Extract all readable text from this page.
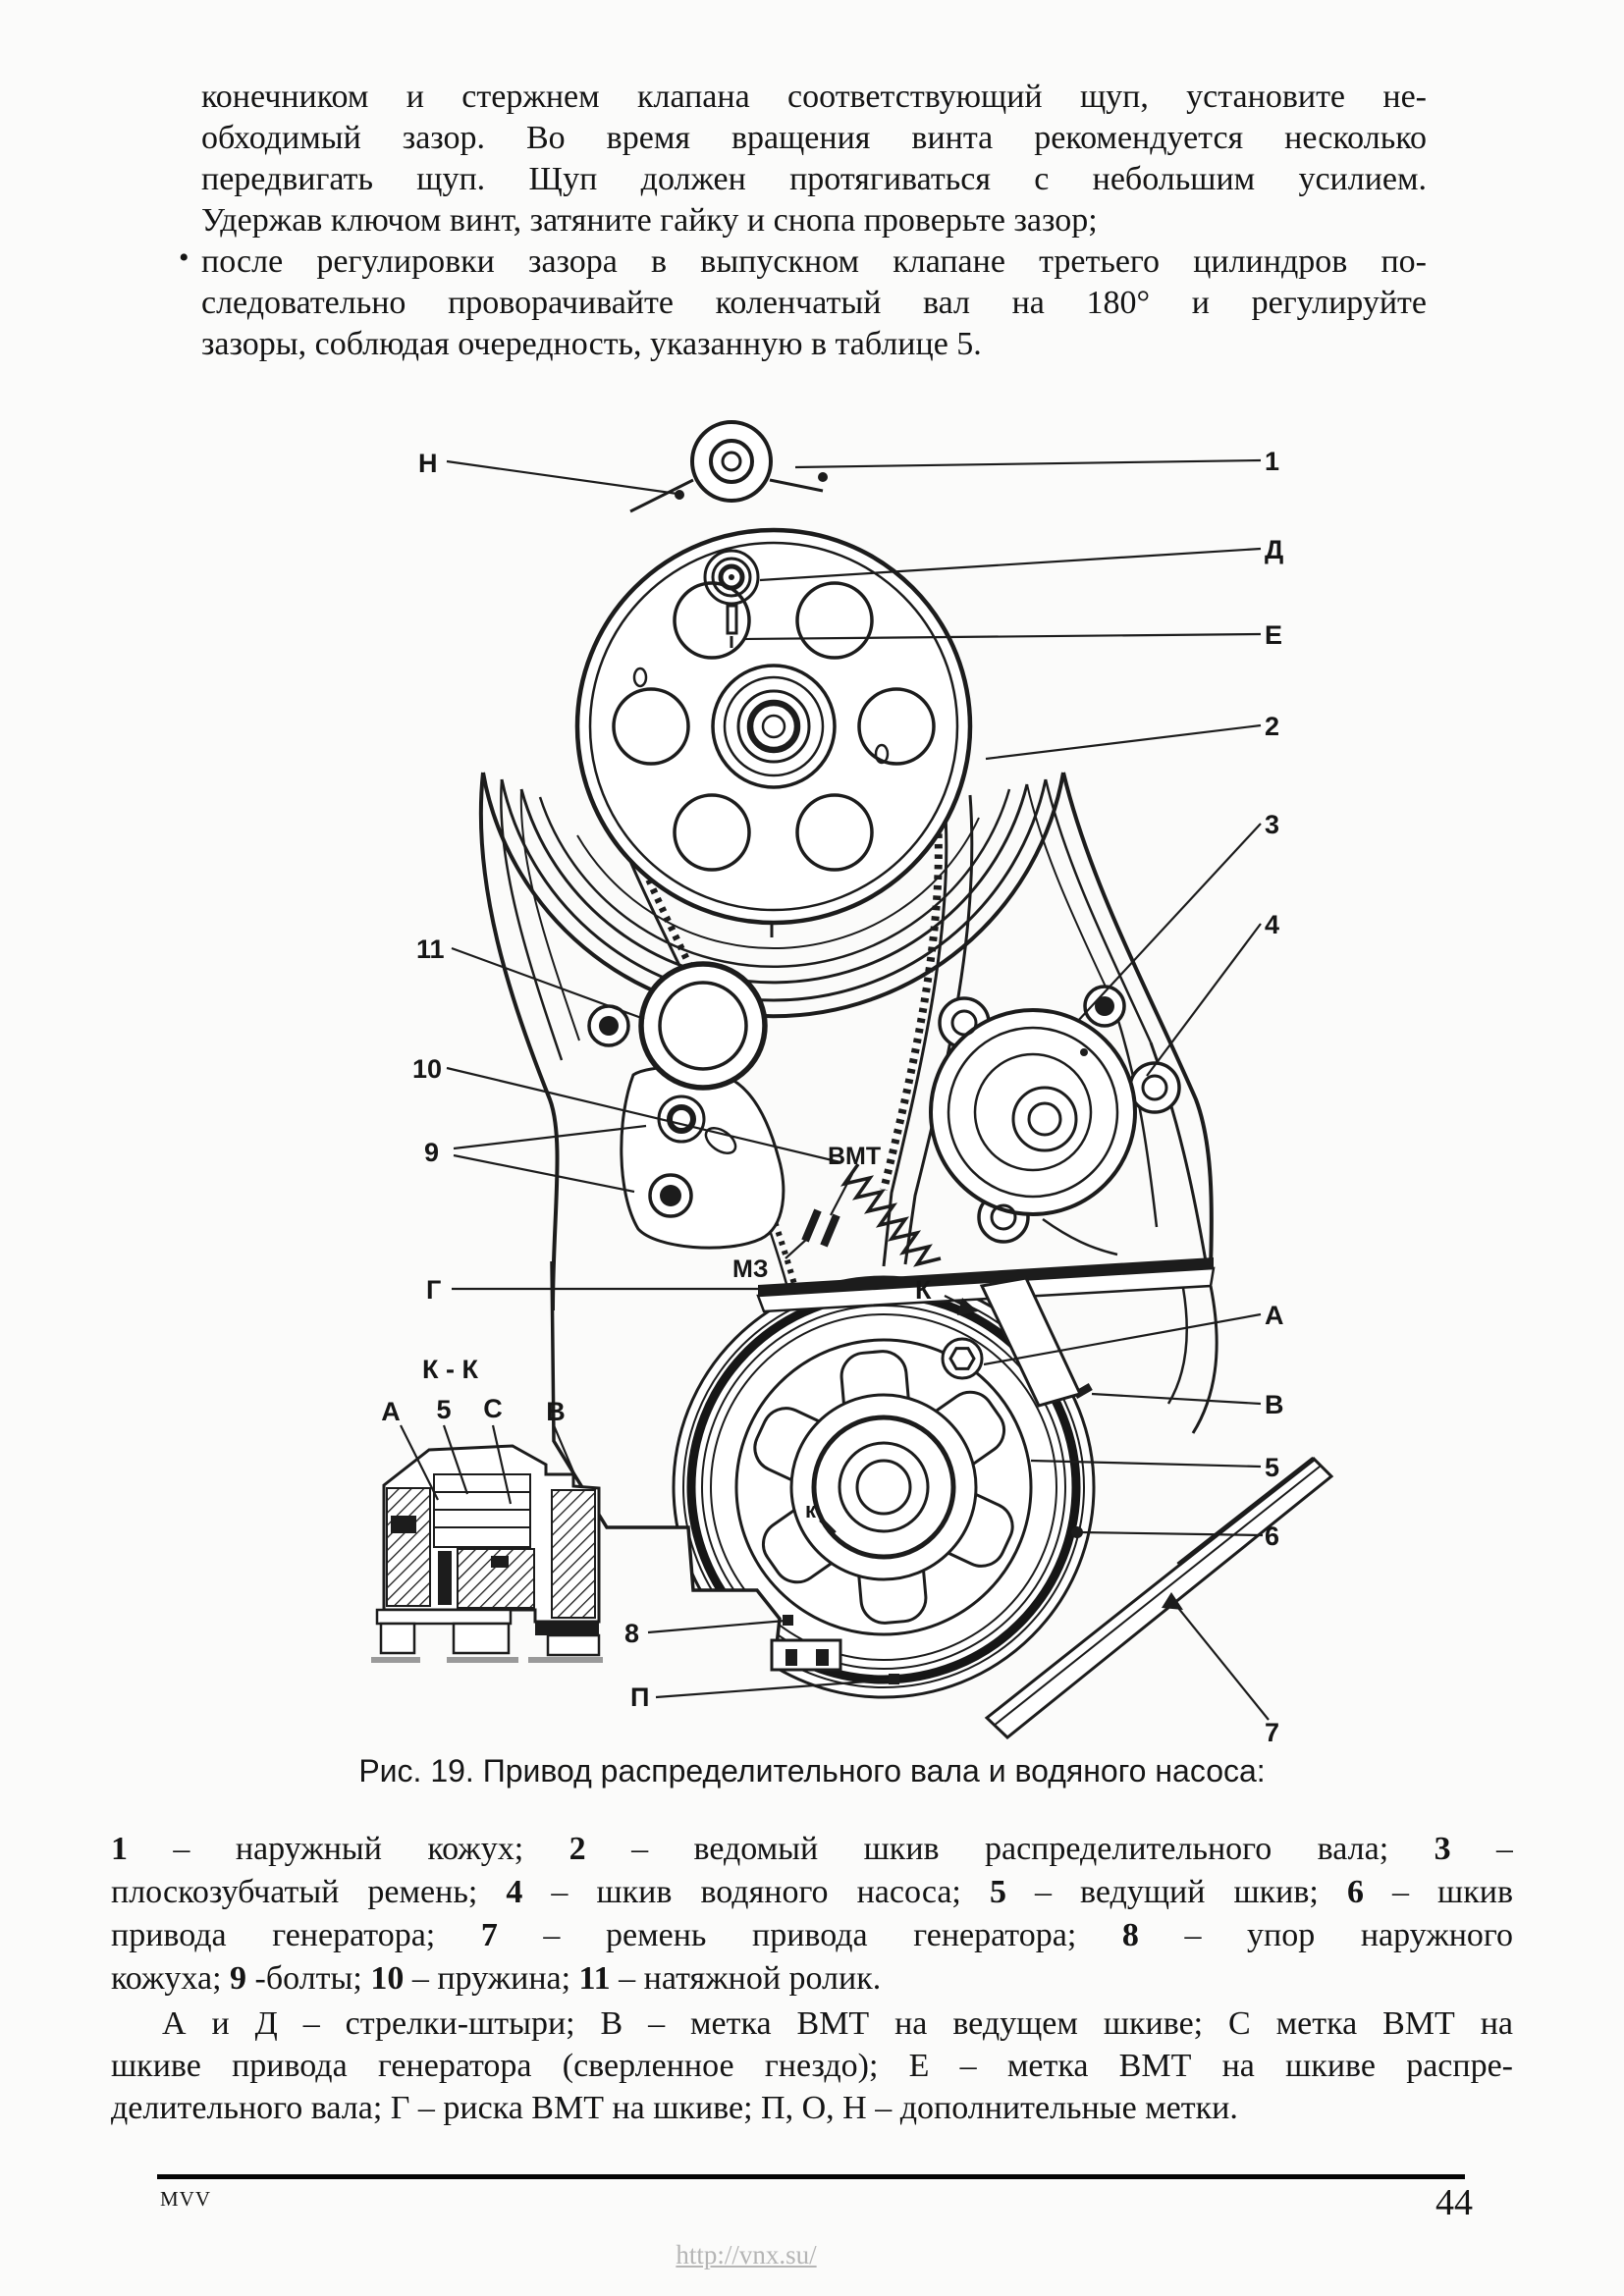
конечником и стержнем клапана соответствующий щуп, установите не-
обходимый зазор. Во время вращения винта рекомендуется несколько
передвигать щуп. Щуп должен протягиваться с небольшим усилием.
Удержав ключом винт, затяните гайку и снопа проверьте зазор;
• после регулировки зазора в выпускном клапане третьего цилиндров по-
следовательно проворачивайте коленчатый вал на 180° и регулируйте
зазоры, соблюдая очередность, указанную в таблице 5.
Н	1
Д
Е
2
3
4
11
10
9	ВМТ
МЗ
Г
К - К
А 5 С В
К
к
А
В
5
6
7
8
П
Рис. 19. Привод распределительного вала и водяного насоса:
1 – наружный кожух; 2 – ведомый шкив распределительного вала; 3 –
плоскозубчатый ремень; 4 – шкив водяного насоса; 5 – ведущий шкив; 6 – шкив
привода генератора; 7 – ремень привода генератора; 8 – упор наружного
кожуха; 9 -болты; 10 – пружина; 11 – натяжной ролик.
А и Д – стрелки-штыри; В – метка ВМТ на ведущем шкиве; С метка ВМТ на
шкиве привода генератора (сверленное гнездо); Е – метка ВМТ на шкиве распре-
делительного вала; Г – риска ВМТ на шкиве; П, О, Н – дополнительные метки.
MVV	44
http://vnx.su/
